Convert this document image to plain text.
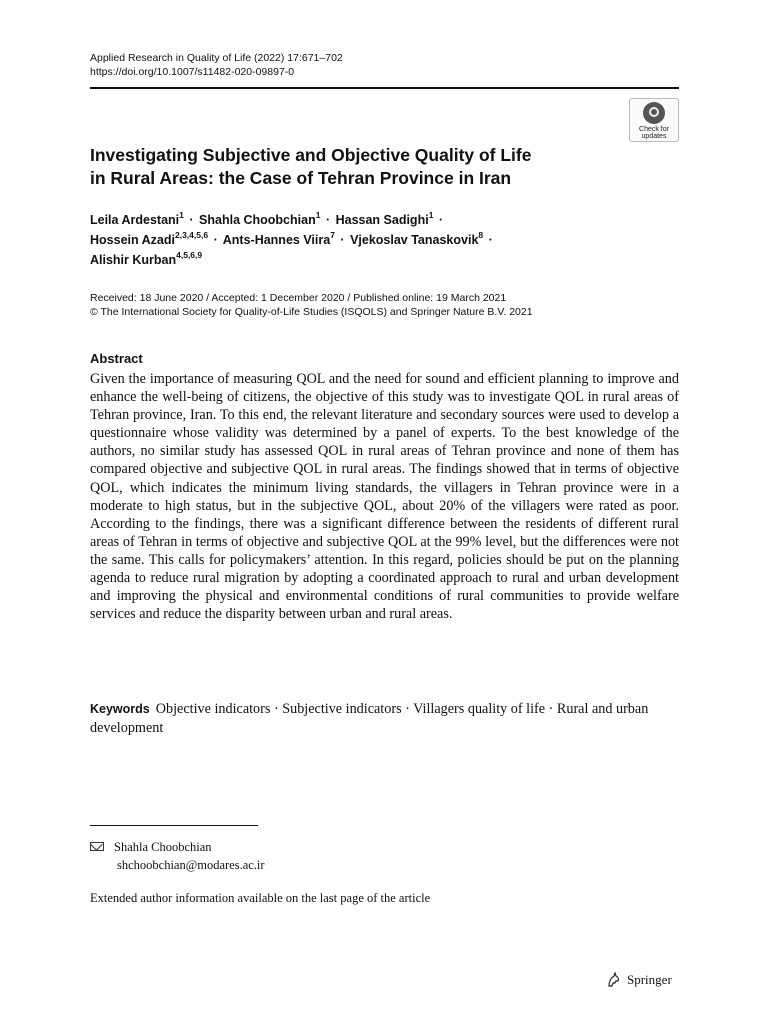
Applied Research in Quality of Life (2022) 17:671–702
https://doi.org/10.1007/s11482-020-09897-0
Check for
updates
Investigating Subjective and Objective Quality of Life
in Rural Areas: the Case of Tehran Province in Iran
Leila Ardestani$^1$ · Shahla Choobchian$^1$ · Hassan Sadighi$^1$ ·
Hossein Azadi$^{2,3,4,5,6}$ · Ants-Hannes Viira$^7$ · Vjekoslav Tanaskovik$^8$ ·
Alishir Kurban$^{4,5,6,9}$
Received: 18 June 2020 / Accepted: 1 December 2020 / Published online: 19 March 2021
© The International Society for Quality-of-Life Studies (ISQOLS) and Springer Nature B.V. 2021
Abstract
Given the importance of measuring QOL and the need for sound and efficient planning to improve and enhance the well-being of citizens, the objective of this study was to investigate QOL in rural areas of Tehran province, Iran. To this end, the relevant literature and secondary sources were used to develop a questionnaire whose validity was determined by a panel of experts. To the best knowledge of the authors, no similar study has assessed QOL in rural areas of Tehran province and none of them has compared objective and subjective QOL in rural areas. The findings showed that in terms of objective QOL, which indicates the minimum living standards, the villagers in Tehran province were in a moderate to high status, but in the subjective QOL, about 20% of the villagers were rated as poor. According to the findings, there was a significant difference between the residents of different rural areas of Tehran in terms of objective and subjective QOL at the 99% level, but the differences were not the same. This calls for policymakers’ attention. In this regard, policies should be put on the planning agenda to reduce rural migration by adopting a coordinated approach to rural and urban development and improving the physical and environmental conditions of rural communities to provide welfare services and reduce the disparity between urban and rural areas.
Keywords Objective indicators · Subjective indicators · Villagers quality of life · Rural and urban development
Shahla Choobchian
shchoobchian@modares.ac.ir
Extended author information available on the last page of the article
Springer
